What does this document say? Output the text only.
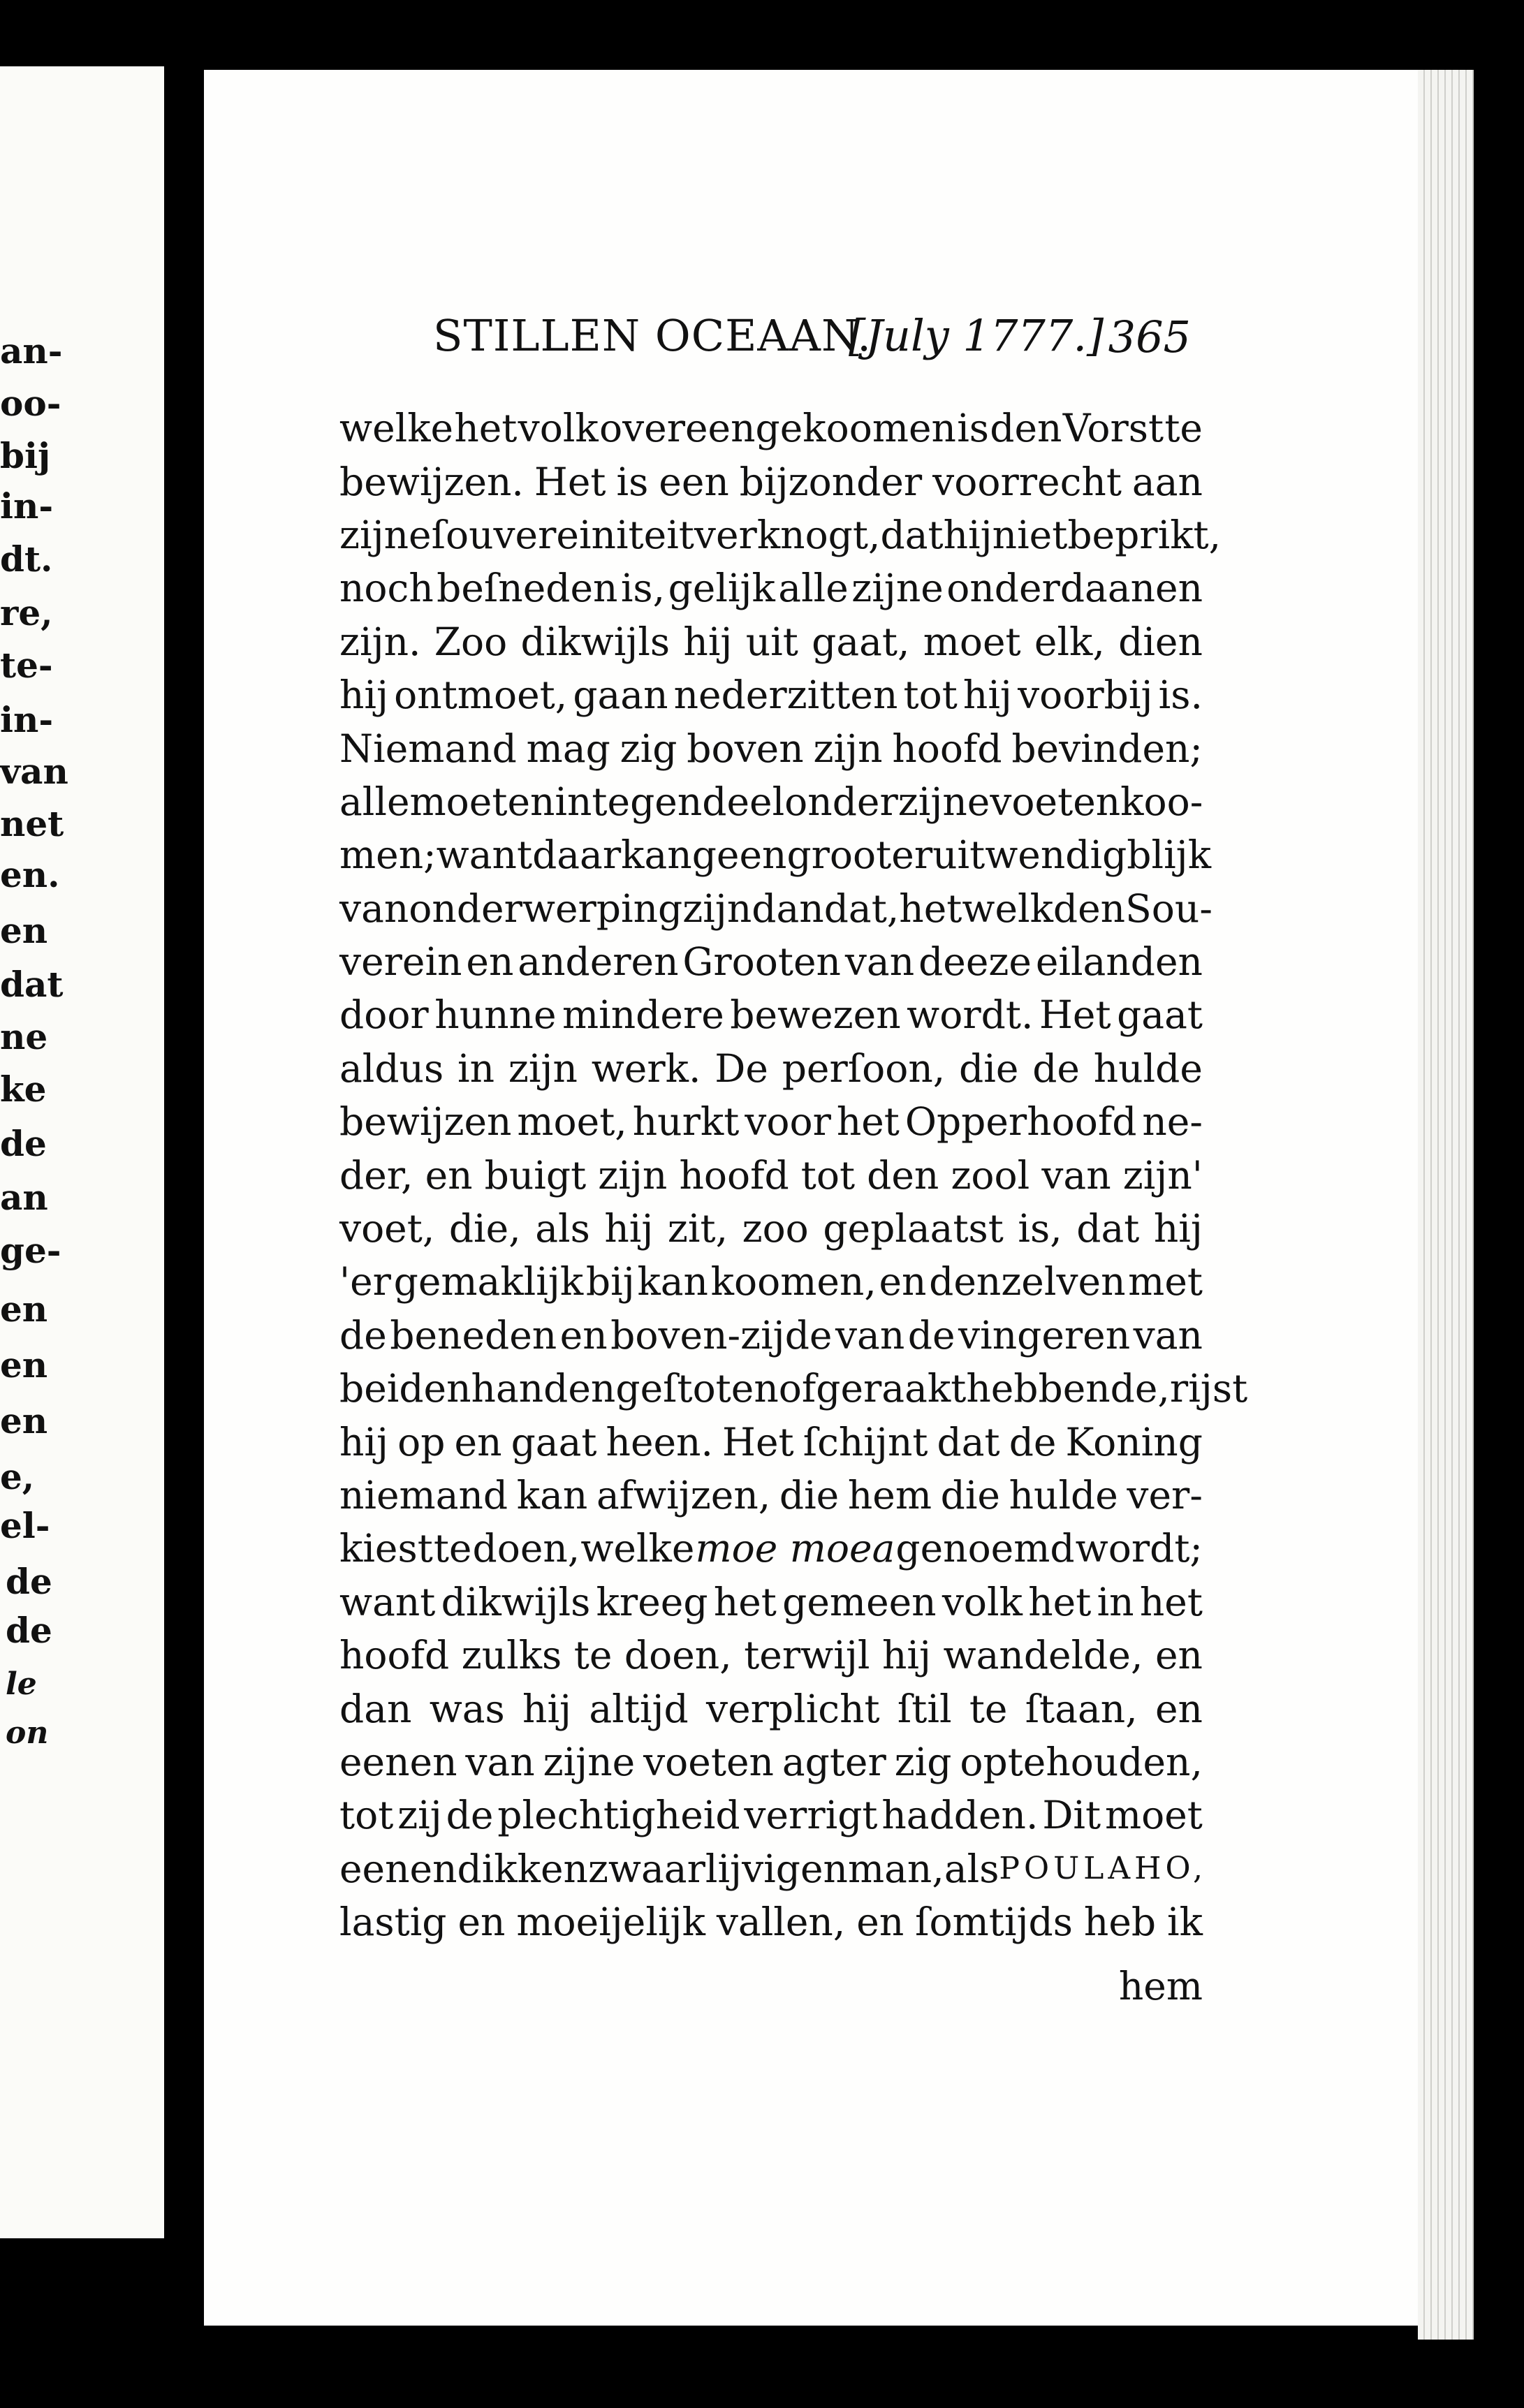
an-
oo-
bij
in-
dt.
re,
te-
in-
van
net
en.
en
dat
ne
ke
de
an
ge-
en
en
en
e,
el-
de
de
le
on
STILLEN OCEAAN.
[July 1777.] 365
welke het volk overeengekoomen is den Vorst te
bewijzen. Het is een bijzonder voorrecht aan
zijne ſouvereiniteit verknogt, dat hij niet beprikt,
noch beſneden is, gelijk alle zijne onderdaanen
zijn. Zoo dikwijls hij uit gaat, moet elk, dien
hij ontmoet, gaan nederzitten tot hij voorbij is.
Niemand mag zig boven zijn hoofd bevinden;
alle moeten integendeel onder zijne voeten koo-
men; want daar kan geen grooter uitwendig blijk
van onderwerping zijn dan dat, hetwelk den Sou-
verein en anderen Grooten van deeze eilanden
door hunne mindere bewezen wordt. Het gaat
aldus in zijn werk. De perſoon, die de hulde
bewijzen moet, hurkt voor het Opperhoofd ne-
der, en buigt zijn hoofd tot den zool van zijn'
voet, die, als hij zit, zoo geplaatst is, dat hij
'er gemaklijk bij kan koomen, en denzelven met
de beneden en boven-zijde van de vingeren van
beiden handen geſtoten of geraakt hebbende, rijst
hij op en gaat heen. Het ſchijnt dat de Koning
niemand kan afwijzen, die hem die hulde ver-
kiest te doen, welke moe moea genoemd wordt;
want dikwijls kreeg het gemeen volk het in het
hoofd zulks te doen, terwijl hij wandelde, en
dan was hij altijd verplicht ſtil te ſtaan, en
eenen van zijne voeten agter zig optehouden,
tot zij de plechtigheid verrigt hadden. Dit moet
eenen dikken zwaarlijvigen man, als POULAHO,
lastig en moeijelijk vallen, en ſomtijds heb ik
hem
